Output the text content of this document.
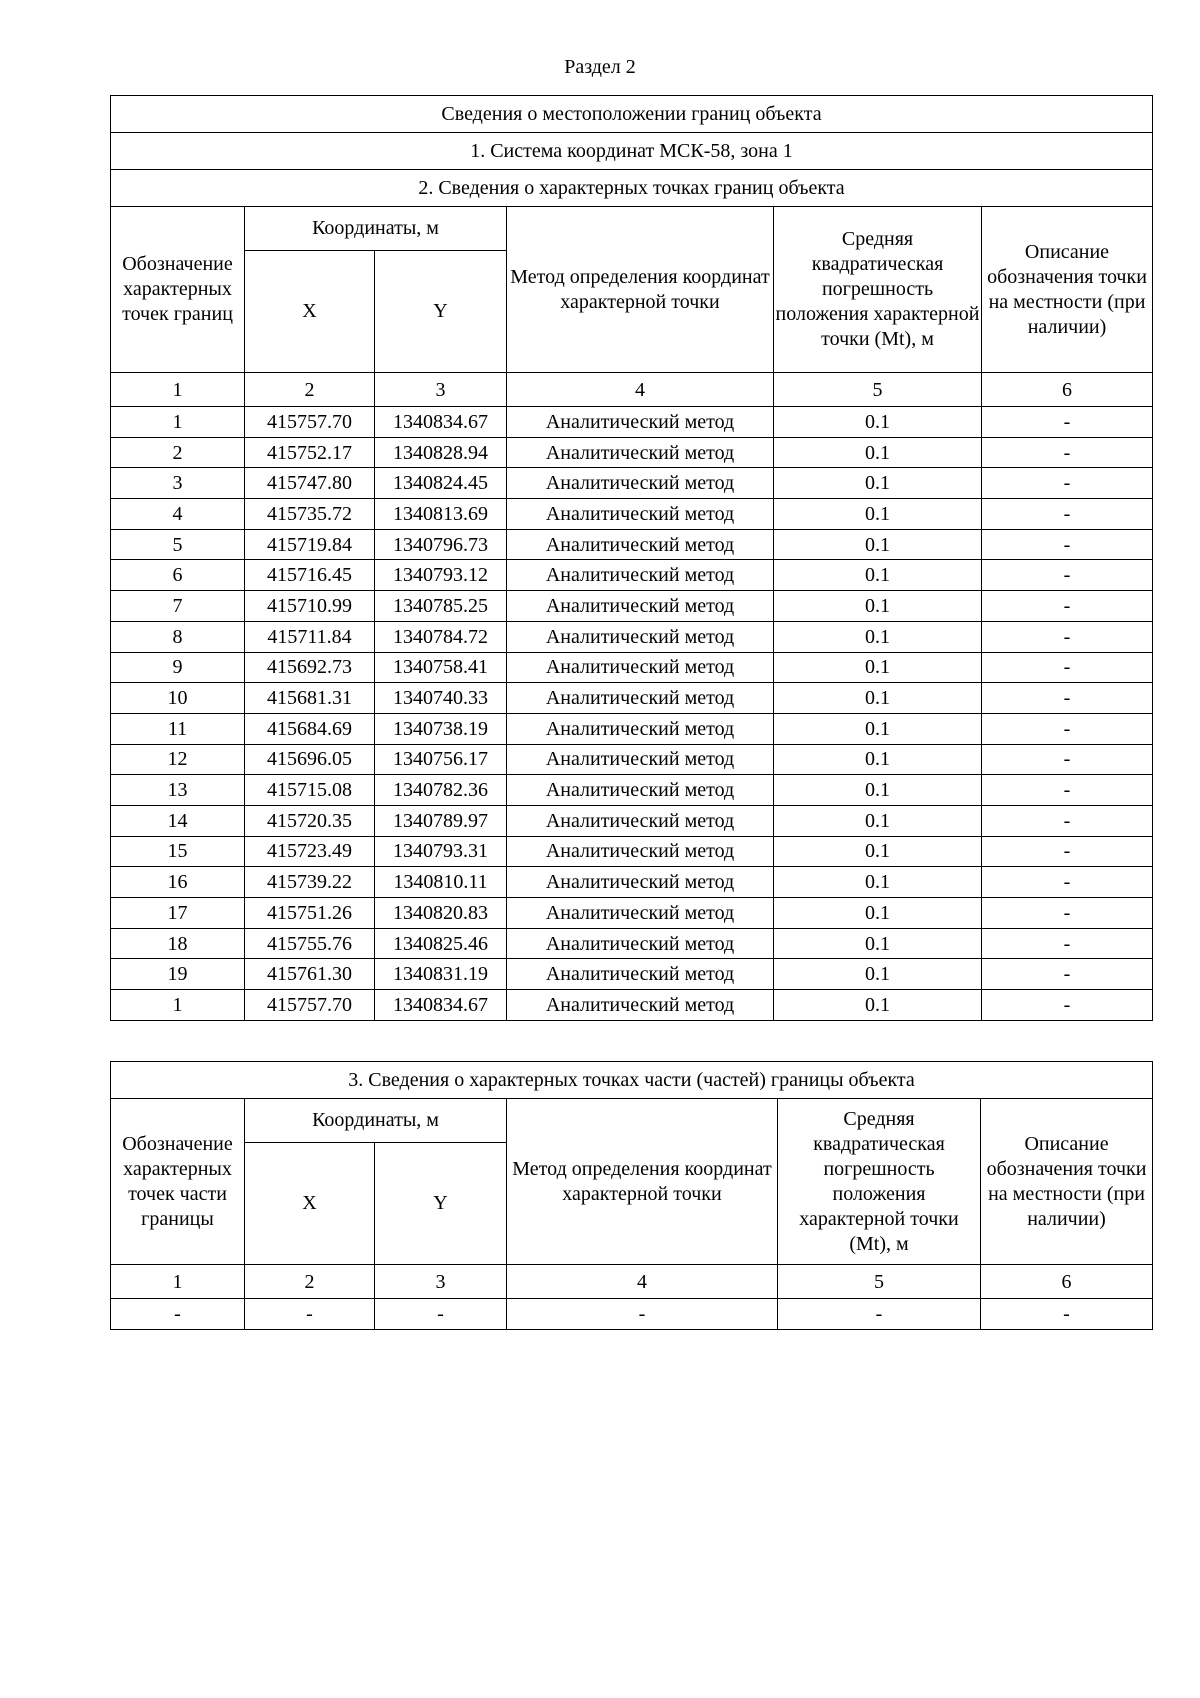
Раздел 2
Сведения о местоположении границ объекта					
1. Система координат МСК-58, зона 1					
2. Сведения о характерных точках границ объекта					
Обозначение характерных точек границ	Координаты, м		Метод определения координат характерной точки	Средняя квадратическая погрешность положения характерной точки (Mt), м	Описание обозначения точки на местности (при наличии)
	X	Y			
1	2	3	4	5	6
1	415757.70	1340834.67	Аналитический метод	0.1	-
2	415752.17	1340828.94	Аналитический метод	0.1	-
3	415747.80	1340824.45	Аналитический метод	0.1	-
4	415735.72	1340813.69	Аналитический метод	0.1	-
5	415719.84	1340796.73	Аналитический метод	0.1	-
6	415716.45	1340793.12	Аналитический метод	0.1	-
7	415710.99	1340785.25	Аналитический метод	0.1	-
8	415711.84	1340784.72	Аналитический метод	0.1	-
9	415692.73	1340758.41	Аналитический метод	0.1	-
10	415681.31	1340740.33	Аналитический метод	0.1	-
11	415684.69	1340738.19	Аналитический метод	0.1	-
12	415696.05	1340756.17	Аналитический метод	0.1	-
13	415715.08	1340782.36	Аналитический метод	0.1	-
14	415720.35	1340789.97	Аналитический метод	0.1	-
15	415723.49	1340793.31	Аналитический метод	0.1	-
16	415739.22	1340810.11	Аналитический метод	0.1	-
17	415751.26	1340820.83	Аналитический метод	0.1	-
18	415755.76	1340825.46	Аналитический метод	0.1	-
19	415761.30	1340831.19	Аналитический метод	0.1	-
1	415757.70	1340834.67	Аналитический метод	0.1	-
3. Сведения о характерных точках части (частей) границы объекта					
Обозначение характерных точек части границы	Координаты, м		Метод определения координат характерной точки	Средняя квадратическая погрешность положения характерной точки (Mt), м	Описание обозначения точки на местности (при наличии)
	X	Y			
1	2	3	4	5	6
-	-	-	-	-	-
